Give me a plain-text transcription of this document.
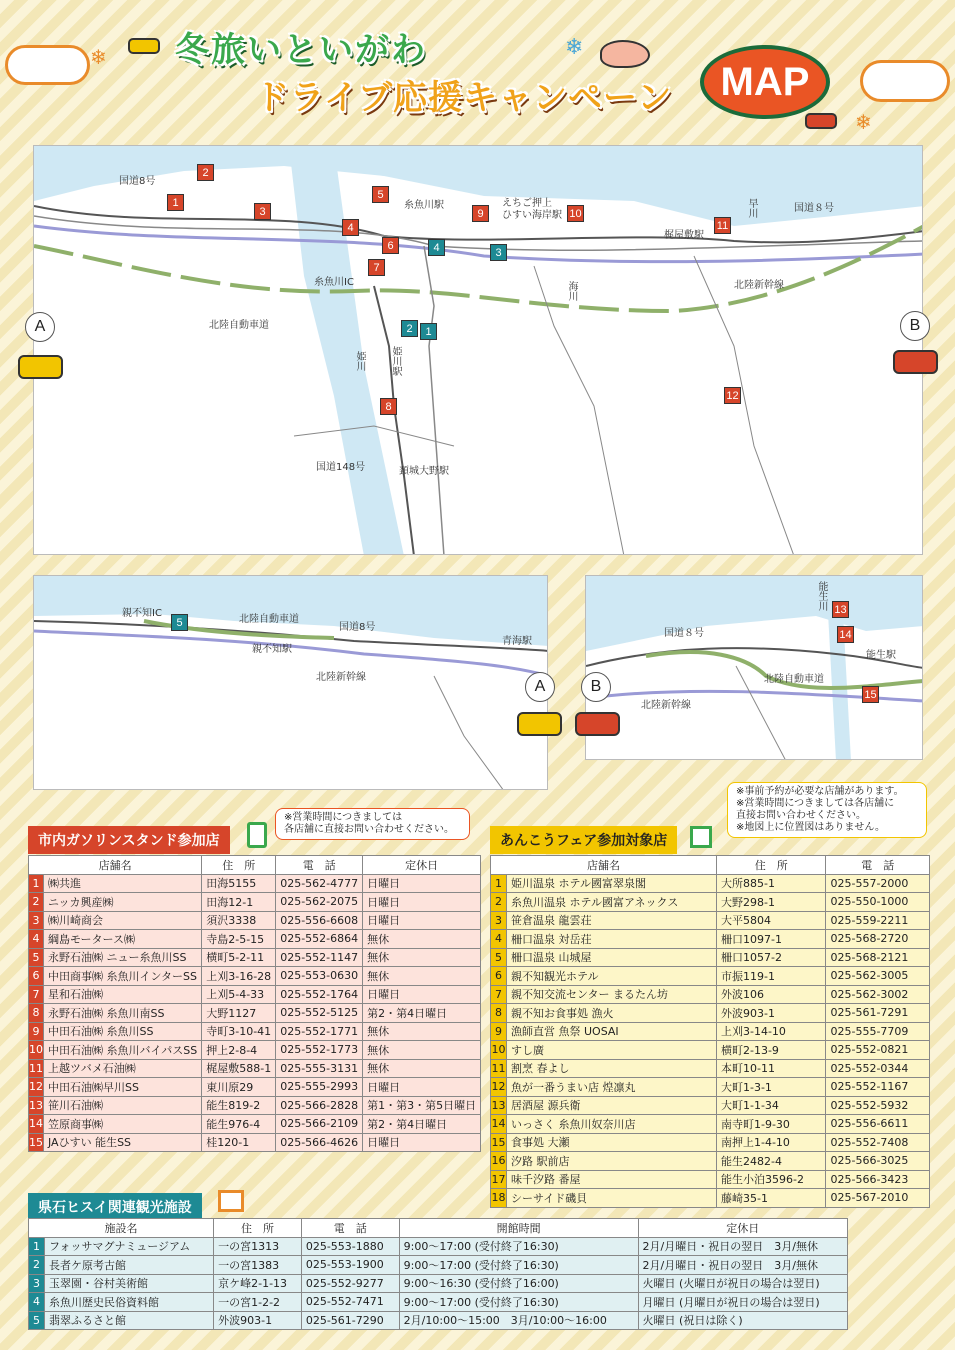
❄	❄
❄
冬旅いといがわ
ドライブ応援キャンペーン	MAP
国道8号
国道８号
糸魚川駅	えちご押上
ひすい海岸駅
梶屋敷駅
早川
海川	北陸新幹線
糸魚川IC
北陸自動車道
姫川	姫川駅
国道148号	頚城大野駅
1
2
3
4
5
6
7
8
9	10
11
12
1
2
3
4
A	B
親不知IC
北陸自動車道
国道8号
親不知駅
青海駅
北陸新幹線
5
A
能生川
国道８号
能生駅
北陸自動車道
北陸新幹線
13
14
15
B
※営業時間につきましては
各店舗に直接お問い合わせください。
※事前予約が必要な店舗があります。
※営業時間につきましては各店舗に
直接お問い合わせください。
※地図上に位置図はありません。
市内ガソリンスタンド参加店
店舗名		住　所	電　話	定休日
1	㈱共進	田海5155	025-562-4777	日曜日
2	ニッカ興産㈱	田海12-1	025-562-2075	日曜日
3	㈱川崎商会	須沢3338	025-556-6608	日曜日
4	綱島モータース㈱	寺島2-5-15	025-552-6864	無休
5	永野石油㈱ ニュー糸魚川SS	横町5-2-11	025-552-1147	無休
6	中田商事㈱ 糸魚川インターSS	上刈3-16-28	025-553-0630	無休
7	星和石油㈱	上刈5-4-33	025-552-1764	日曜日
8	永野石油㈱ 糸魚川南SS	大野1127	025-552-5125	第2・第4日曜日
9	中田石油㈱ 糸魚川SS	寺町3-10-41	025-552-1771	無休
10	中田石油㈱ 糸魚川バイパスSS	押上2-8-4	025-552-1773	無休
11	上越ツバメ石油㈱	梶屋敷588-1	025-555-3131	無休
12	中田石油㈱早川SS	東川原29	025-555-2993	日曜日
13	笹川石油㈱	能生819-2	025-566-2828	第1・第3・第5日曜日
14	笠原商事㈱	能生976-4	025-566-2109	第2・第4日曜日
15	JAひすい 能生SS	桂120-1	025-566-4626	日曜日
あんこうフェア参加対象店
店舗名		住　所	電　話
1	姫川温泉 ホテル國富翠泉閣	大所885-1	025-557-2000
2	糸魚川温泉 ホテル國富アネックス	大野298-1	025-550-1000
3	笹倉温泉 龍雲荘	大平5804	025-559-2211
4	柵口温泉 対岳荘	柵口1097-1	025-568-2720
5	柵口温泉 山城屋	柵口1057-2	025-568-2121
6	親不知観光ホテル	市振119-1	025-562-3005
7	親不知交流センター まるたん坊	外波106	025-562-3002
8	親不知お食事処 漁火	外波903-1	025-561-7291
9	漁師直営 魚祭 UOSAI	上刈3-14-10	025-555-7709
10	すし廣	横町2-13-9	025-552-0821
11	割烹 春よし	本町10-11	025-552-0344
12	魚が一番うまい店 煌凛丸	大町1-3-1	025-552-1167
13	居酒屋 源兵衛	大町1-1-34	025-552-5932
14	いっさく 糸魚川奴奈川店	南寺町1-9-30	025-556-6611
15	食事処 大瀬	南押上1-4-10	025-552-7408
16	汐路 駅前店	能生2482-4	025-566-3025
17	味千汐路 番屋	能生小泊3596-2	025-566-3423
18	シーサイド磯貝	藤崎35-1	025-567-2010
県石ヒスイ関連観光施設
施設名		住　所	電　話	開館時間	定休日
1	フォッサマグナミュージアム	一の宮1313	025-553-1880	9:00～17:00 (受付終了16:30)	2月/月曜日・祝日の翌日　3月/無休
2	長者ケ原考古館	一の宮1383	025-553-1900	9:00～17:00 (受付終了16:30)	2月/月曜日・祝日の翌日　3月/無休
3	玉翠園・谷村美術館	京ケ峰2-1-13	025-552-9277	9:00～16:30 (受付終了16:00)	火曜日 (火曜日が祝日の場合は翌日)
4	糸魚川歴史民俗資料館	一の宮1-2-2	025-552-7471	9:00～17:00 (受付終了16:30)	月曜日 (月曜日が祝日の場合は翌日)
5	翡翠ふるさと館	外波903-1	025-561-7290	2月/10:00～15:00　3月/10:00～16:00	火曜日 (祝日は除く)
